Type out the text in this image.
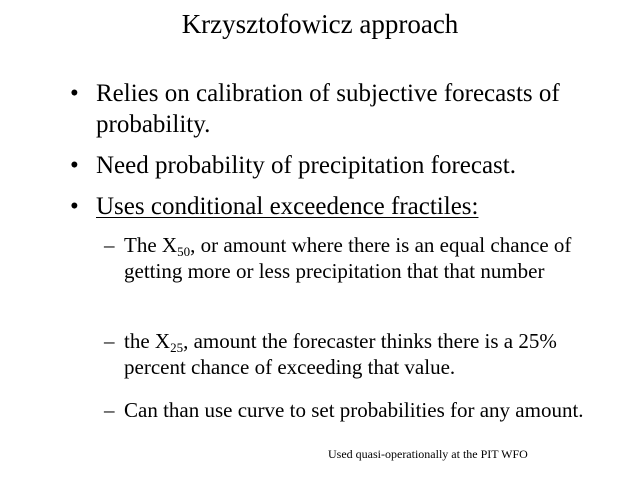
Krzysztofowicz approach
• Relies on calibration of subjective forecasts of probability.
• Need probability of precipitation forecast.
• Uses conditional exceedence fractiles:
– The $X_{50}$, or amount where there is an equal chance of getting more or less precipitation that that number
– the $X_{25}$, amount the forecaster thinks there is a 25% percent chance of exceeding that value.
– Can than use curve to set probabilities for any amount.
Used quasi-operationally at the PIT WFO
